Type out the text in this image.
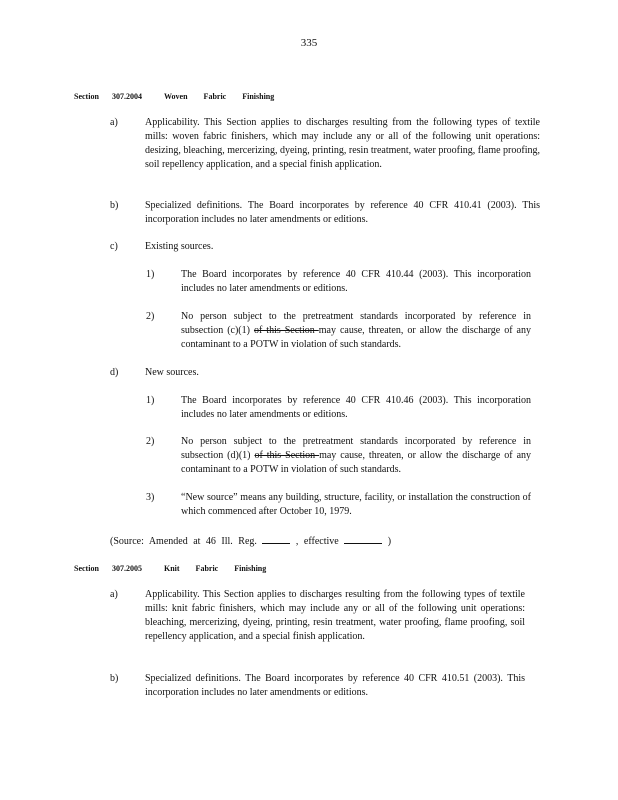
335
Section 307.2004	Woven Fabric Finishing
a)	Applicability. This Section applies to discharges resulting from the following types of textile mills: woven fabric finishers, which may include any or all of the following unit operations: desizing, bleaching, mercerizing, dyeing, printing, resin treatment, water proofing, flame proofing, soil repellency application, and a special finish application.
b)	Specialized definitions. The Board incorporates by reference 40 CFR 410.41 (2003). This incorporation includes no later amendments or editions.
c)	Existing sources.
1)	The Board incorporates by reference 40 CFR 410.44 (2003). This incorporation includes no later amendments or editions.
2)	No person subject to the pretreatment standards incorporated by reference in subsection (c)(1) of this Section may cause, threaten, or allow the discharge of any contaminant to a POTW in violation of such standards.
d)	New sources.
1)	The Board incorporates by reference 40 CFR 410.46 (2003). This incorporation includes no later amendments or editions.
2)	No person subject to the pretreatment standards incorporated by reference in subsection (d)(1) of this Section may cause, threaten, or allow the discharge of any contaminant to a POTW in violation of such standards.
3)	“New source” means any building, structure, facility, or installation the construction of which commenced after October 10, 1979.
(Source: Amended at 46 Ill. Reg.	, effective	)
Section 307.2005	Knit Fabric Finishing
a)	Applicability. This Section applies to discharges resulting from the following types of textile mills: knit fabric finishers, which may include any or all of the following unit operations: bleaching, mercerizing, dyeing, printing, resin treatment, water proofing, flame proofing, soil repellency application, and a special finish application.
b)	Specialized definitions. The Board incorporates by reference 40 CFR 410.51 (2003). This incorporation includes no later amendments or editions.
